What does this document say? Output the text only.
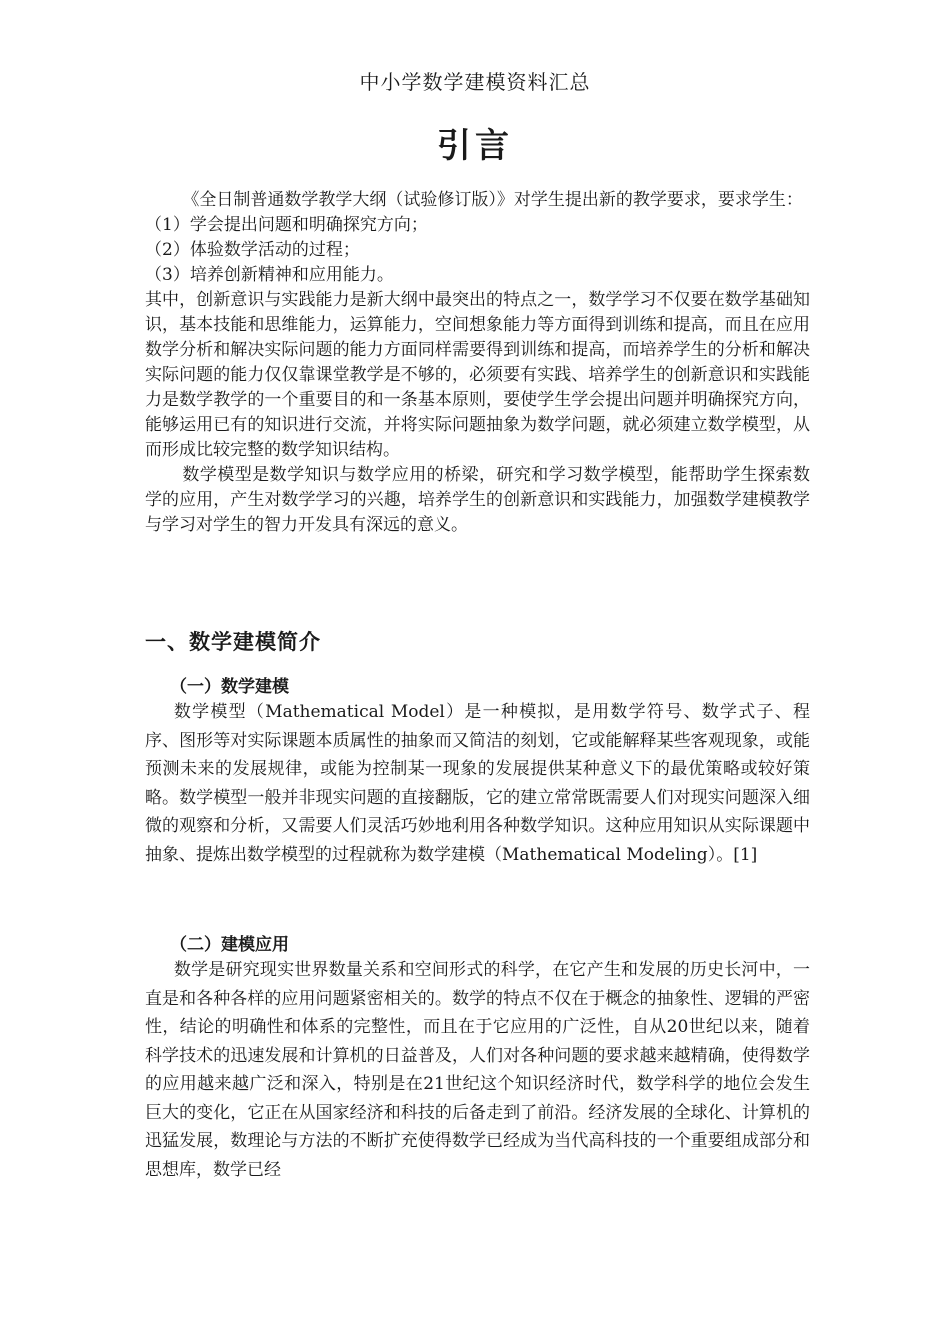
中小学数学建模资料汇总
引言

《全日制普通数学教学大纲（试验修订版）》对学生提出新的教学要求，要求学生：

（1）学会提出问题和明确探究方向；

（2）体验数学活动的过程；

（3）培养创新精神和应用能力。

其中，创新意识与实践能力是新大纲中最突出的特点之一，数学学习不仅要在数学基础知识，基本技能和思维能力，运算能力，空间想象能力等方面得到训练和提高，而且在应用数学分析和解决实际问题的能力方面同样需要得到训练和提高，而培养学生的分析和解决实际问题的能力仅仅靠课堂教学是不够的，必须要有实践、培养学生的创新意识和实践能力是数学教学的一个重要目的和一条基本原则，要使学生学会提出问题并明确探究方向，能够运用已有的知识进行交流，并将实际问题抽象为数学问题，就必须建立数学模型，从而形成比较完整的数学知识结构。

数学模型是数学知识与数学应用的桥梁，研究和学习数学模型，能帮助学生探索数学的应用，产生对数学学习的兴趣，培养学生的创新意识和实践能力，加强数学建模教学与学习对学生的智力开发具有深远的意义。

一、数学建模简介
（一）数学建模

数学模型（Mathematical Model）是一种模拟，是用数学符号、数学式子、程序、图形等对实际课题本质属性的抽象而又简洁的刻划，它或能解释某些客观现象，或能预测未来的发展规律，或能为控制某一现象的发展提供某种意义下的最优策略或较好策略。数学模型一般并非现实问题的直接翻版，它的建立常常既需要人们对现实问题深入细微的观察和分析，又需要人们灵活巧妙地利用各种数学知识。这种应用知识从实际课题中抽象、提炼出数学模型的过程就称为数学建模（Mathematical Modeling）。[1]

（二）建模应用

数学是研究现实世界数量关系和空间形式的科学，在它产生和发展的历史长河中，一直是和各种各样的应用问题紧密相关的。数学的特点不仅在于概念的抽象性、逻辑的严密性，结论的明确性和体系的完整性，而且在于它应用的广泛性，自从20世纪以来，随着科学技术的迅速发展和计算机的日益普及，人们对各种问题的要求越来越精确，使得数学的应用越来越广泛和深入，特别是在21世纪这个知识经济时代，数学科学的地位会发生巨大的变化，它正在从国家经济和科技的后备走到了前沿。经济发展的全球化、计算机的迅猛发展，数理论与方法的不断扩充使得数学已经成为当代高科技的一个重要组成部分和思想库，数学已经
